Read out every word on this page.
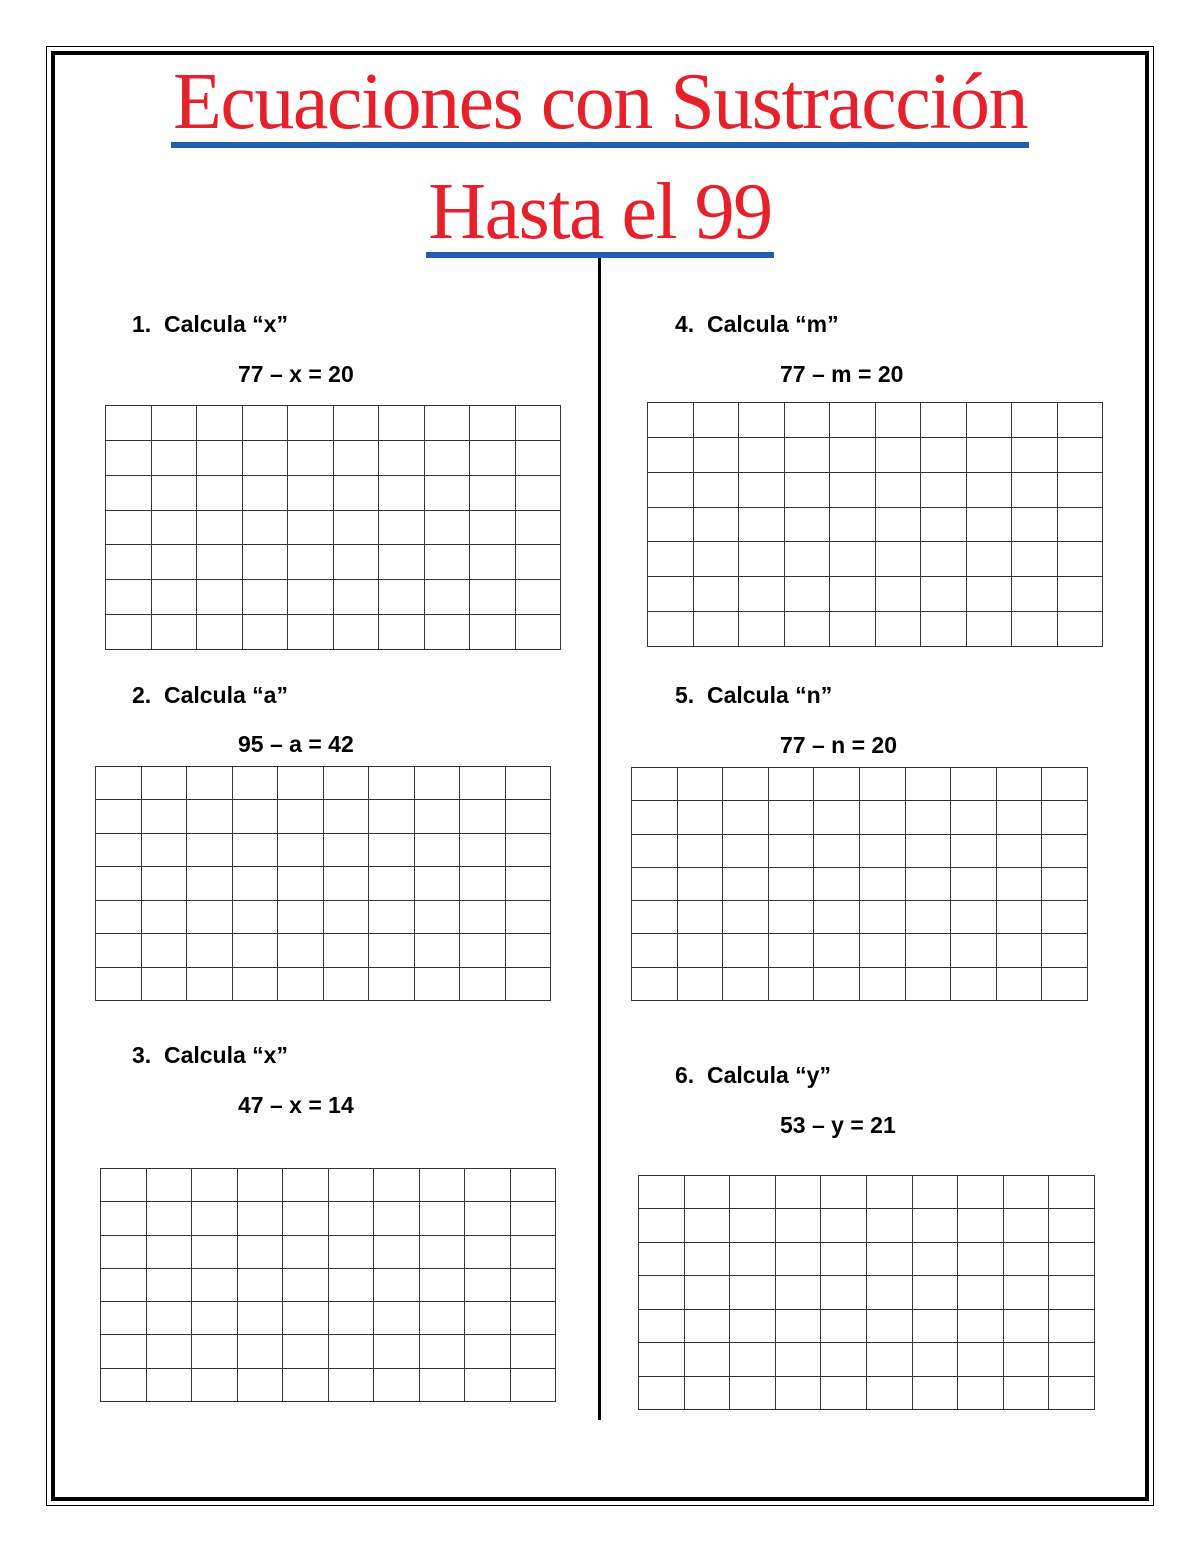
Ecuaciones con Sustracción
Hasta el 99
1. Calcula “x”
77 – x = 20
2. Calcula “a”
95 – a = 42
3. Calcula “x”
47 – x = 14
4. Calcula “m”
77 – m = 20
5. Calcula “n”
77 – n = 20
6. Calcula “y”
53 – y = 21
